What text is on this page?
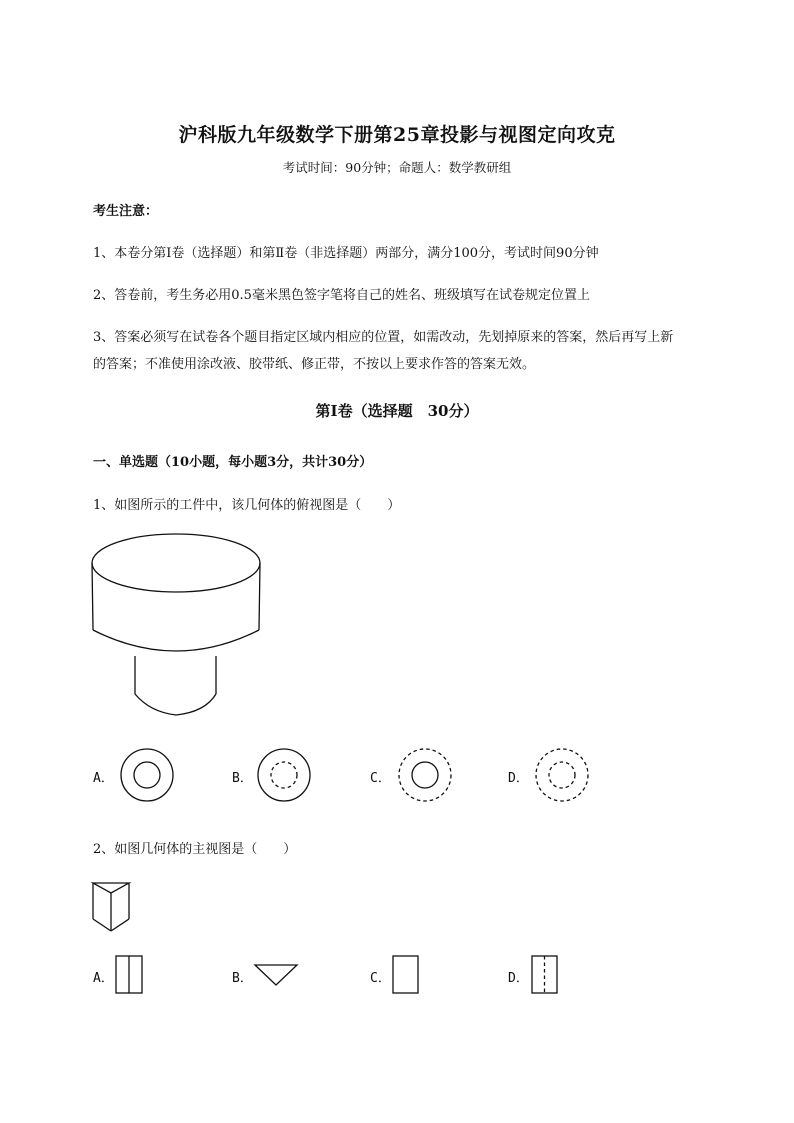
沪科版九年级数学下册第25章投影与视图定向攻克
考试时间：90分钟；命题人：数学教研组
考生注意：
1、本卷分第I卷（选择题）和第Ⅱ卷（非选择题）两部分，满分100分，考试时间90分钟
2、答卷前，考生务必用0.5毫米黑色签字笔将自己的姓名、班级填写在试卷规定位置上
3、答案必须写在试卷各个题目指定区域内相应的位置，如需改动，先划掉原来的答案，然后再写上新
的答案；不准使用涂改液、胶带纸、修正带，不按以上要求作答的答案无效。
第I卷（选择题　30分）
一、单选题（10小题，每小题3分，共计30分）
1、如图所示的工件中，该几何体的俯视图是（　　）
A．	B．	C．	D．
2、如图几何体的主视图是（　　）
A．	B．	C．	D．
